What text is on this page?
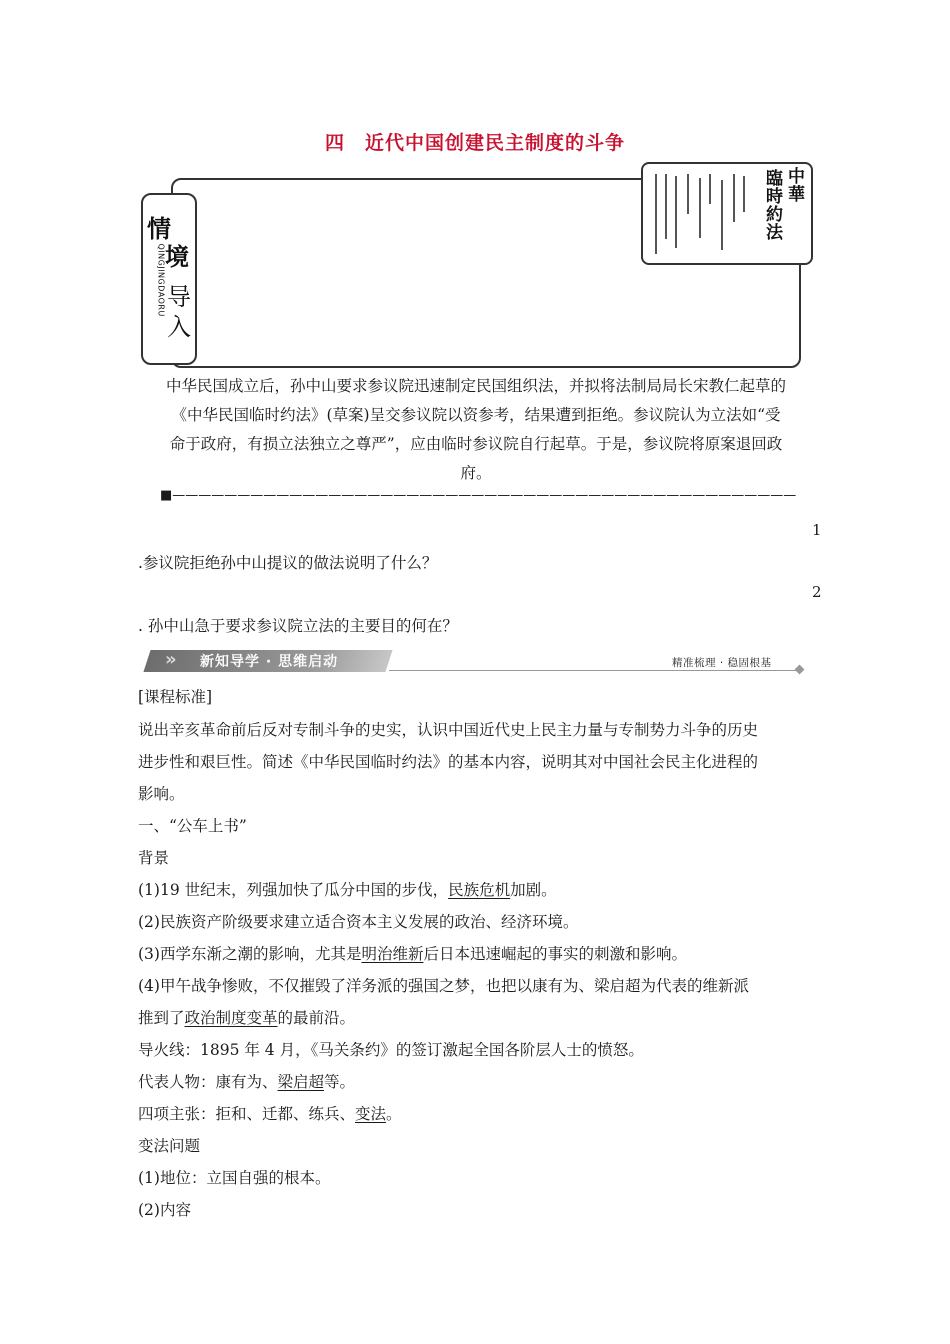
四　近代中国创建民主制度的斗争
情
境
QINGJINGDAORU 导
入
臨時約法
中華
中华民国成立后，孙中山要求参议院迅速制定民国组织法，并拟将法制局局长宋教仁起草的
《中华民国临时约法》(草案)呈交参议院以资参考，结果遭到拒绝。参议院认为立法如“受
命于政府，有损立法独立之尊严”，应由临时参议院自行起草。于是，参议院将原案退回政
府。
■————————————————————————————————————————————————
1
.参议院拒绝孙中山提议的做法说明了什么？
2
. 孙中山急于要求参议院立法的主要目的何在？
» 新知导学 · 思维启动	精准梳理 · 稳固根基
[课程标准]
说出辛亥革命前后反对专制斗争的史实，认识中国近代史上民主力量与专制势力斗争的历史
进步性和艰巨性。简述《中华民国临时约法》的基本内容，说明其对中国社会民主化进程的
影响。
一、“公车上书”
背景
(1)19 世纪末，列强加快了瓜分中国的步伐，民族危机加剧。
(2)民族资产阶级要求建立适合资本主义发展的政治、经济环境。
(3)西学东渐之潮的影响，尤其是明治维新后日本迅速崛起的事实的刺激和影响。
(4)甲午战争惨败，不仅摧毁了洋务派的强国之梦，也把以康有为、梁启超为代表的维新派
推到了政治制度变革的最前沿。
导火线：1895 年 4 月，《马关条约》的签订激起全国各阶层人士的愤怒。
代表人物：康有为、梁启超等。
四项主张：拒和、迁都、练兵、变法。
变法问题
(1)地位：立国自强的根本。
(2)内容
